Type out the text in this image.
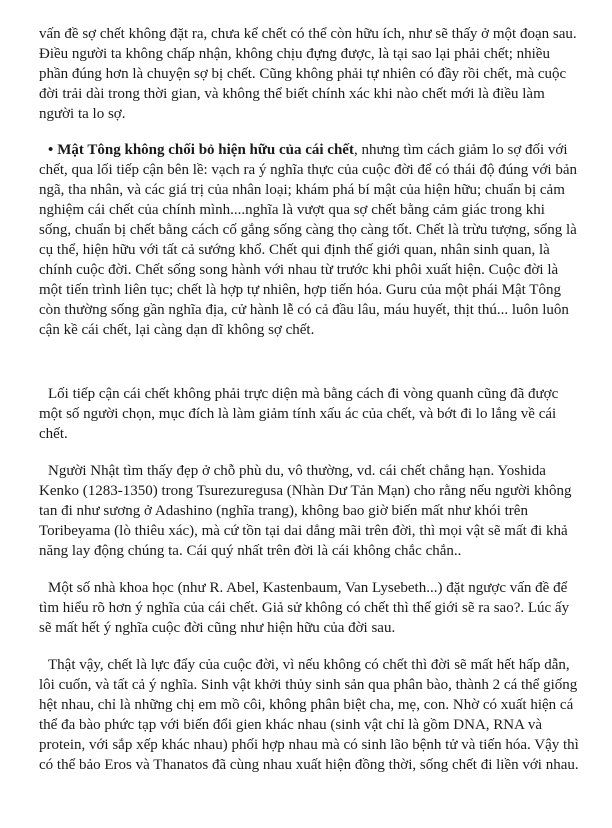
vấn đề sợ chết không đặt ra, chưa kể chết có thể còn hữu ích, như sẽ thấy ở một đoạn sau. Điều người ta không chấp nhận, không chịu đựng được, là tại sao lại phải chết; nhiều phần đúng hơn là chuyện sợ bị chết. Cũng không phải tự nhiên có đầy rồi chết, mà cuộc đời trải dài trong thời gian, và không thể biết chính xác khi nào chết mới là điều làm người ta lo sợ.

• Mật Tông không chối bỏ hiện hữu của cái chết, nhưng tìm cách giảm lo sợ đối với chết, qua lối tiếp cận bên lề: vạch ra ý nghĩa thực của cuộc đời để có thái độ đúng với bản ngã, tha nhân, và các giá trị của nhân loại; khám phá bí mật của hiện hữu; chuẩn bị cảm nghiệm cái chết của chính mình....nghĩa là vượt qua sợ chết bằng cảm giác trong khi sống, chuẩn bị chết bằng cách cố gắng sống càng thọ càng tốt. Chết là trừu tượng, sống là cụ thể, hiện hữu với tất cả sướng khổ. Chết qui định thế giới quan, nhân sinh quan, là chính cuộc đời. Chết sống song hành với nhau từ trước khi phôi xuất hiện. Cuộc đời là một tiến trình liên tục; chết là hợp tự nhiên, hợp tiến hóa. Guru của một phái Mật Tông còn thường sống gần nghĩa địa, cử hành lễ có cả đầu lâu, máu huyết, thịt thú... luôn luôn cận kề cái chết, lại càng dạn dĩ không sợ chết.

Lối tiếp cận cái chết không phải trực diện mà bằng cách đi vòng quanh cũng đã được một số người chọn, mục đích là làm giảm tính xấu ác của chết, và bớt đi lo lắng về cái chết.

Người Nhật tìm thấy đẹp ở chỗ phù du, vô thường, vd. cái chết chẳng hạn. Yoshida Kenko (1283-1350) trong Tsurezuregusa (Nhàn Dư Tản Mạn) cho rằng nếu người không tan đi như sương ở Adashino (nghĩa trang), không bao giờ biến mất như khói trên Toribeyama (lò thiêu xác), mà cứ tồn tại dai dẳng mãi trên đời, thì mọi vật sẽ mất đi khả năng lay động chúng ta. Cái quý nhất trên đời là cái không chắc chắn..

Một số nhà khoa học (như R. Abel, Kastenbaum, Van Lysebeth...) đặt ngược vấn đề để tìm hiểu rõ hơn ý nghĩa của cái chết. Giả sử không có chết thì thế giới sẽ ra sao?. Lúc ấy sẽ mất hết ý nghĩa cuộc đời cũng như hiện hữu của đời sau.

Thật vậy, chết là lực đẩy của cuộc đời, vì nếu không có chết thì đời sẽ mất hết hấp dẫn, lôi cuốn, và tất cả ý nghĩa. Sinh vật khởi thủy sinh sản qua phân bào, thành 2 cá thể giống hệt nhau, chỉ là những chị em mồ côi, không phân biệt cha, mẹ, con. Nhờ có xuất hiện cá thể đa bào phức tạp với biến đổi gien khác nhau (sinh vật chỉ là gồm DNA, RNA và protein, với sắp xếp khác nhau) phối hợp nhau mà có sinh lão bệnh tử và tiến hóa. Vậy thì có thể bảo Eros và Thanatos đã cùng nhau xuất hiện đồng thời, sống chết đi liền với nhau.
